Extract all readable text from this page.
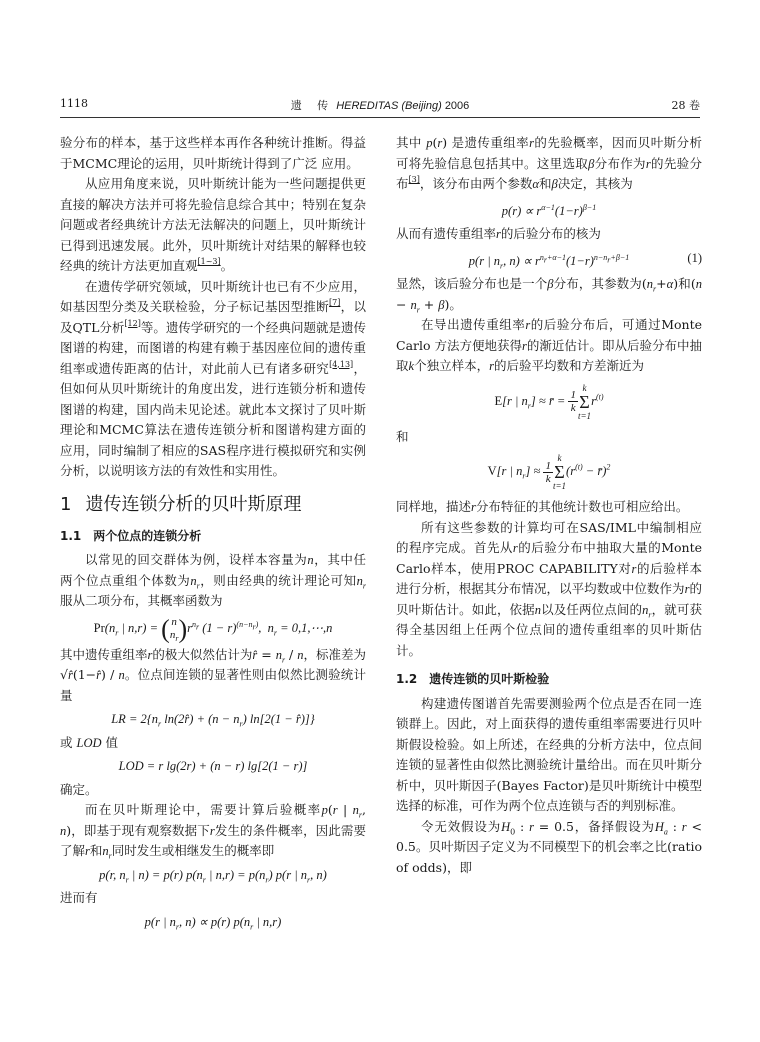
1118	遗 传 HEREDITAS (Beijing) 2006	28 卷

验分布的样本，基于这些样本再作各种统计推断。得益于MCMC理论的运用，贝叶斯统计得到了广泛 应用。

从应用角度来说，贝叶斯统计能为一些问题提供更直接的解决方法并可将先验信息综合其中；特别在复杂问题或者经典统计方法无法解决的问题上，贝叶斯统计已得到迅速发展。此外，贝叶斯统计对结果的解释也较经典的统计方法更加直观[1~3]。

在遗传学研究领域，贝叶斯统计也已有不少应用，如基因型分类及关联检验，分子标记基因型推断[7]，以及QTL分析[12]等。遗传学研究的一个经典问题就是遗传图谱的构建，而图谱的构建有赖于基因座位间的遗传重组率或遗传距离的估计，对此前人已有诸多研究[4,13]，但如何从贝叶斯统计的角度出发，进行连锁分析和遗传图谱的构建，国内尚未见论述。就此本文探讨了贝叶斯理论和MCMC算法在遗传连锁分析和图谱构建方面的应用，同时编制了相应的SAS程序进行模拟研究和实例分析，以说明该方法的有效性和实用性。

1 遗传连锁分析的贝叶斯原理
1.1 两个位点的连锁分析

以常见的回交群体为例，设样本容量为n，其中任两个位点重组个体数为$n_r$，则由经典的统计理论可知$n_r$服从二项分布，其概率函数为

$Pr(n_r$ | n,r) = ( n
$n_r$ )$r^{n_r}$ $(1 - r)^{(n-n_r)}$,  $n_r$ = 0,1,⋯,n

其中遗传重组率r的极大似然估计为r̂ = $n_r$ / n，标准差为√r̂(1−r̂) / n。位点间连锁的显著性则由似然比测验统计量

LR = $2\{n_r$ ln(2r̂) + $(n - n_r)$ ln[2(1 − r̂)]}

或 LOD 值

LOD = r lg(2r) + (n − r) lg[2(1 − r)]

确定。

而在贝叶斯理论中，需要计算后验概率p(r | $n_r$, n)，即基于现有观察数据下r发生的条件概率，因此需要了解r和$n_r$同时发生或相继发生的概率即

p(r, $n_r$ | n) = p(r) $p(n_r$ | $n,r) = p(n_r)$ p(r | $n_r$, n)

进而有

p(r | $n_r$, n) ∝ p(r) $p(n_r$ | n,r)

其中 p(r) 是遗传重组率r的先验概率，因而贝叶斯分析可将先验信息包括其中。这里选取β分布作为r的先验分布[3]，该分布由两个参数α和β决定，其核为

$p(r) \propto r^{\alpha-1}(1-r)^{\beta-1}$

从而有遗传重组率r的后验分布的核为

p(r | $n_r$, $n) \propto r^{n_r+\alpha-1}(1-r)^{n-n_r+\beta-1}$	(1)

显然，该后验分布也是一个β分布，其参数为$(n_r+\alpha)$和$(n - n_r + \beta)$。

在导出遗传重组率r的后验分布后，可通过Monte Carlo 方法方便地获得r的渐近估计。即从后验分布中抽取k个独立样本，r的后验平均数和方差渐近为

E[r | $n_r$] ≈ r̄ = $\frac{1}{k}$
k
Σ
$t=1r^{(t)}$

和

V[r | $n_r] \approx \frac{1}{k}$
k
Σ
$t=1(r^{(t)}$ − r̄)$^2$

同样地，描述r分布特征的其他统计数也可相应给出。

所有这些参数的计算均可在SAS/IML中编制相应的程序完成。首先从r的后验分布中抽取大量的Monte Carlo样本，使用PROC CAPABILITY对r的后验样本进行分析，根据其分布情况，以平均数或中位数作为r的贝叶斯估计。如此，依据n以及任两位点间的$n_r$，就可获得全基因组上任两个位点间的遗传重组率的贝叶斯估计。

1.2 遗传连锁的贝叶斯检验

构建遗传图谱首先需要测验两个位点是否在同一连锁群上。因此，对上面获得的遗传重组率需要进行贝叶斯假设检验。如上所述，在经典的分析方法中，位点间连锁的显著性由似然比测验统计量给出。而在贝叶斯分析中，贝叶斯因子(Bayes Factor)是贝叶斯统计中模型选择的标准，可作为两个位点连锁与否的判别标准。

令无效假设为$H_0$ : r = 0.5，备择假设为$H_a$ : r < 0.5。贝叶斯因子定义为不同模型下的机会率之比(ratio of odds)，即
